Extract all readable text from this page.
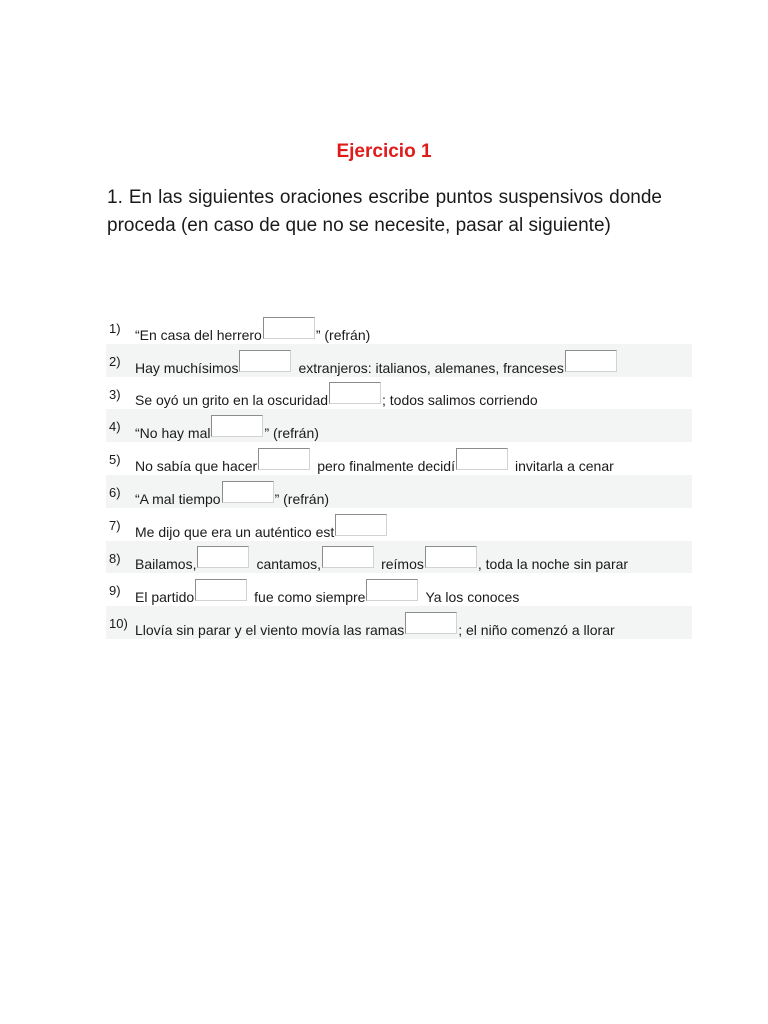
Ejercicio 1

1. En las siguientes oraciones escribe puntos suspensivos donde proceda (en caso de que no se necesite, pasar al siguiente)

1) “En casa del herrero	” (refrán)
2) Hay muchísimos	extranjeros: italianos, alemanes, franceses
3) Se oyó un grito en la oscuridad	; todos salimos corriendo
4) “No hay mal	” (refrán)
5) No sabía que hacer	pero finalmente decidí	invitarla a cenar
6) “A mal tiempo	” (refrán)
7) Me dijo que era un auténtico est
8) Bailamos,	cantamos,	reímos	, toda la noche sin parar
9) El partido	fue como siempre	Ya los conoces
10) Llovía sin parar y el viento movía las ramas	; el niño comenzó a llorar
